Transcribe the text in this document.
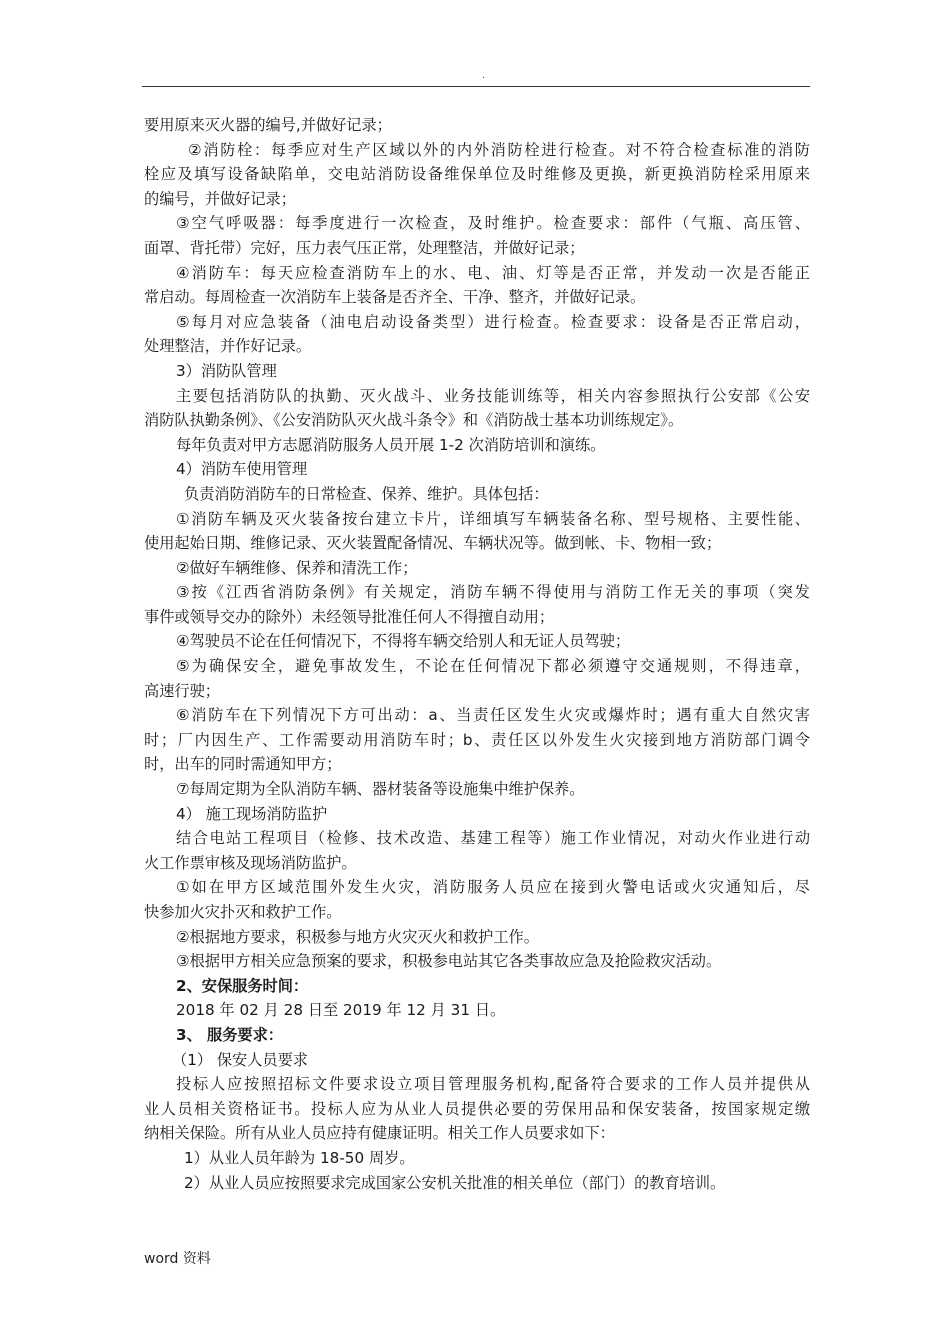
.
要用原来灭火器的编号,并做好记录；
②消防栓：每季应对生产区域以外的内外消防栓进行检查。对不符合检查标准的消防
栓应及填写设备缺陷单，交电站消防设备维保单位及时维修及更换，新更换消防栓采用原来
的编号，并做好记录；
③空气呼吸器：每季度进行一次检查，及时维护。检查要求：部件（气瓶、高压管、
面罩、背托带）完好，压力表气压正常，处理整洁，并做好记录；
④消防车：每天应检查消防车上的水、电、油、灯等是否正常，并发动一次是否能正
常启动。每周检查一次消防车上装备是否齐全、干净、整齐，并做好记录。
⑤每月对应急装备（油电启动设备类型）进行检查。检查要求：设备是否正常启动，
处理整洁，并作好记录。
3）消防队管理
主要包括消防队的执勤、灭火战斗、业务技能训练等，相关内容参照执行公安部《公安
消防队执勤条例》、《公安消防队灭火战斗条令》和《消防战士基本功训练规定》。
每年负责对甲方志愿消防服务人员开展 1-2 次消防培训和演练。
4）消防车使用管理
负责消防消防车的日常检查、保养、维护。具体包括：
①消防车辆及灭火装备按台建立卡片，详细填写车辆装备名称、型号规格、主要性能、
使用起始日期、维修记录、灭火装置配备情况、车辆状况等。做到帐、卡、物相一致；
②做好车辆维修、保养和清洗工作；
③按《江西省消防条例》有关规定，消防车辆不得使用与消防工作无关的事项（突发
事件或领导交办的除外）未经领导批准任何人不得擅自动用；
④驾驶员不论在任何情况下，不得将车辆交给别人和无证人员驾驶；
⑤为确保安全，避免事故发生，不论在任何情况下都必须遵守交通规则，不得违章，
高速行驶；
⑥消防车在下列情况下方可出动：a、当责任区发生火灾或爆炸时；遇有重大自然灾害
时；厂内因生产、工作需要动用消防车时；b、责任区以外发生火灾接到地方消防部门调令
时，出车的同时需通知甲方；
⑦每周定期为全队消防车辆、器材装备等设施集中维护保养。
4） 施工现场消防监护
结合电站工程项目（检修、技术改造、基建工程等）施工作业情况，对动火作业进行动
火工作票审核及现场消防监护。
①如在甲方区域范围外发生火灾，消防服务人员应在接到火警电话或火灾通知后，尽
快参加火灾扑灭和救护工作。
②根据地方要求，积极参与地方火灾灭火和救护工作。
③根据甲方相关应急预案的要求，积极参电站其它各类事故应急及抢险救灾活动。
2、安保服务时间：
2018 年 02 月 28 日至 2019 年 12 月 31 日。
3、 服务要求：
（1） 保安人员要求
投标人应按照招标文件要求设立项目管理服务机构,配备符合要求的工作人员并提供从
业人员相关资格证书。投标人应为从业人员提供必要的劳保用品和保安装备，按国家规定缴
纳相关保险。所有从业人员应持有健康证明。相关工作人员要求如下：
1）从业人员年龄为 18-50 周岁。
2）从业人员应按照要求完成国家公安机关批准的相关单位（部门）的教育培训。
word 资料
